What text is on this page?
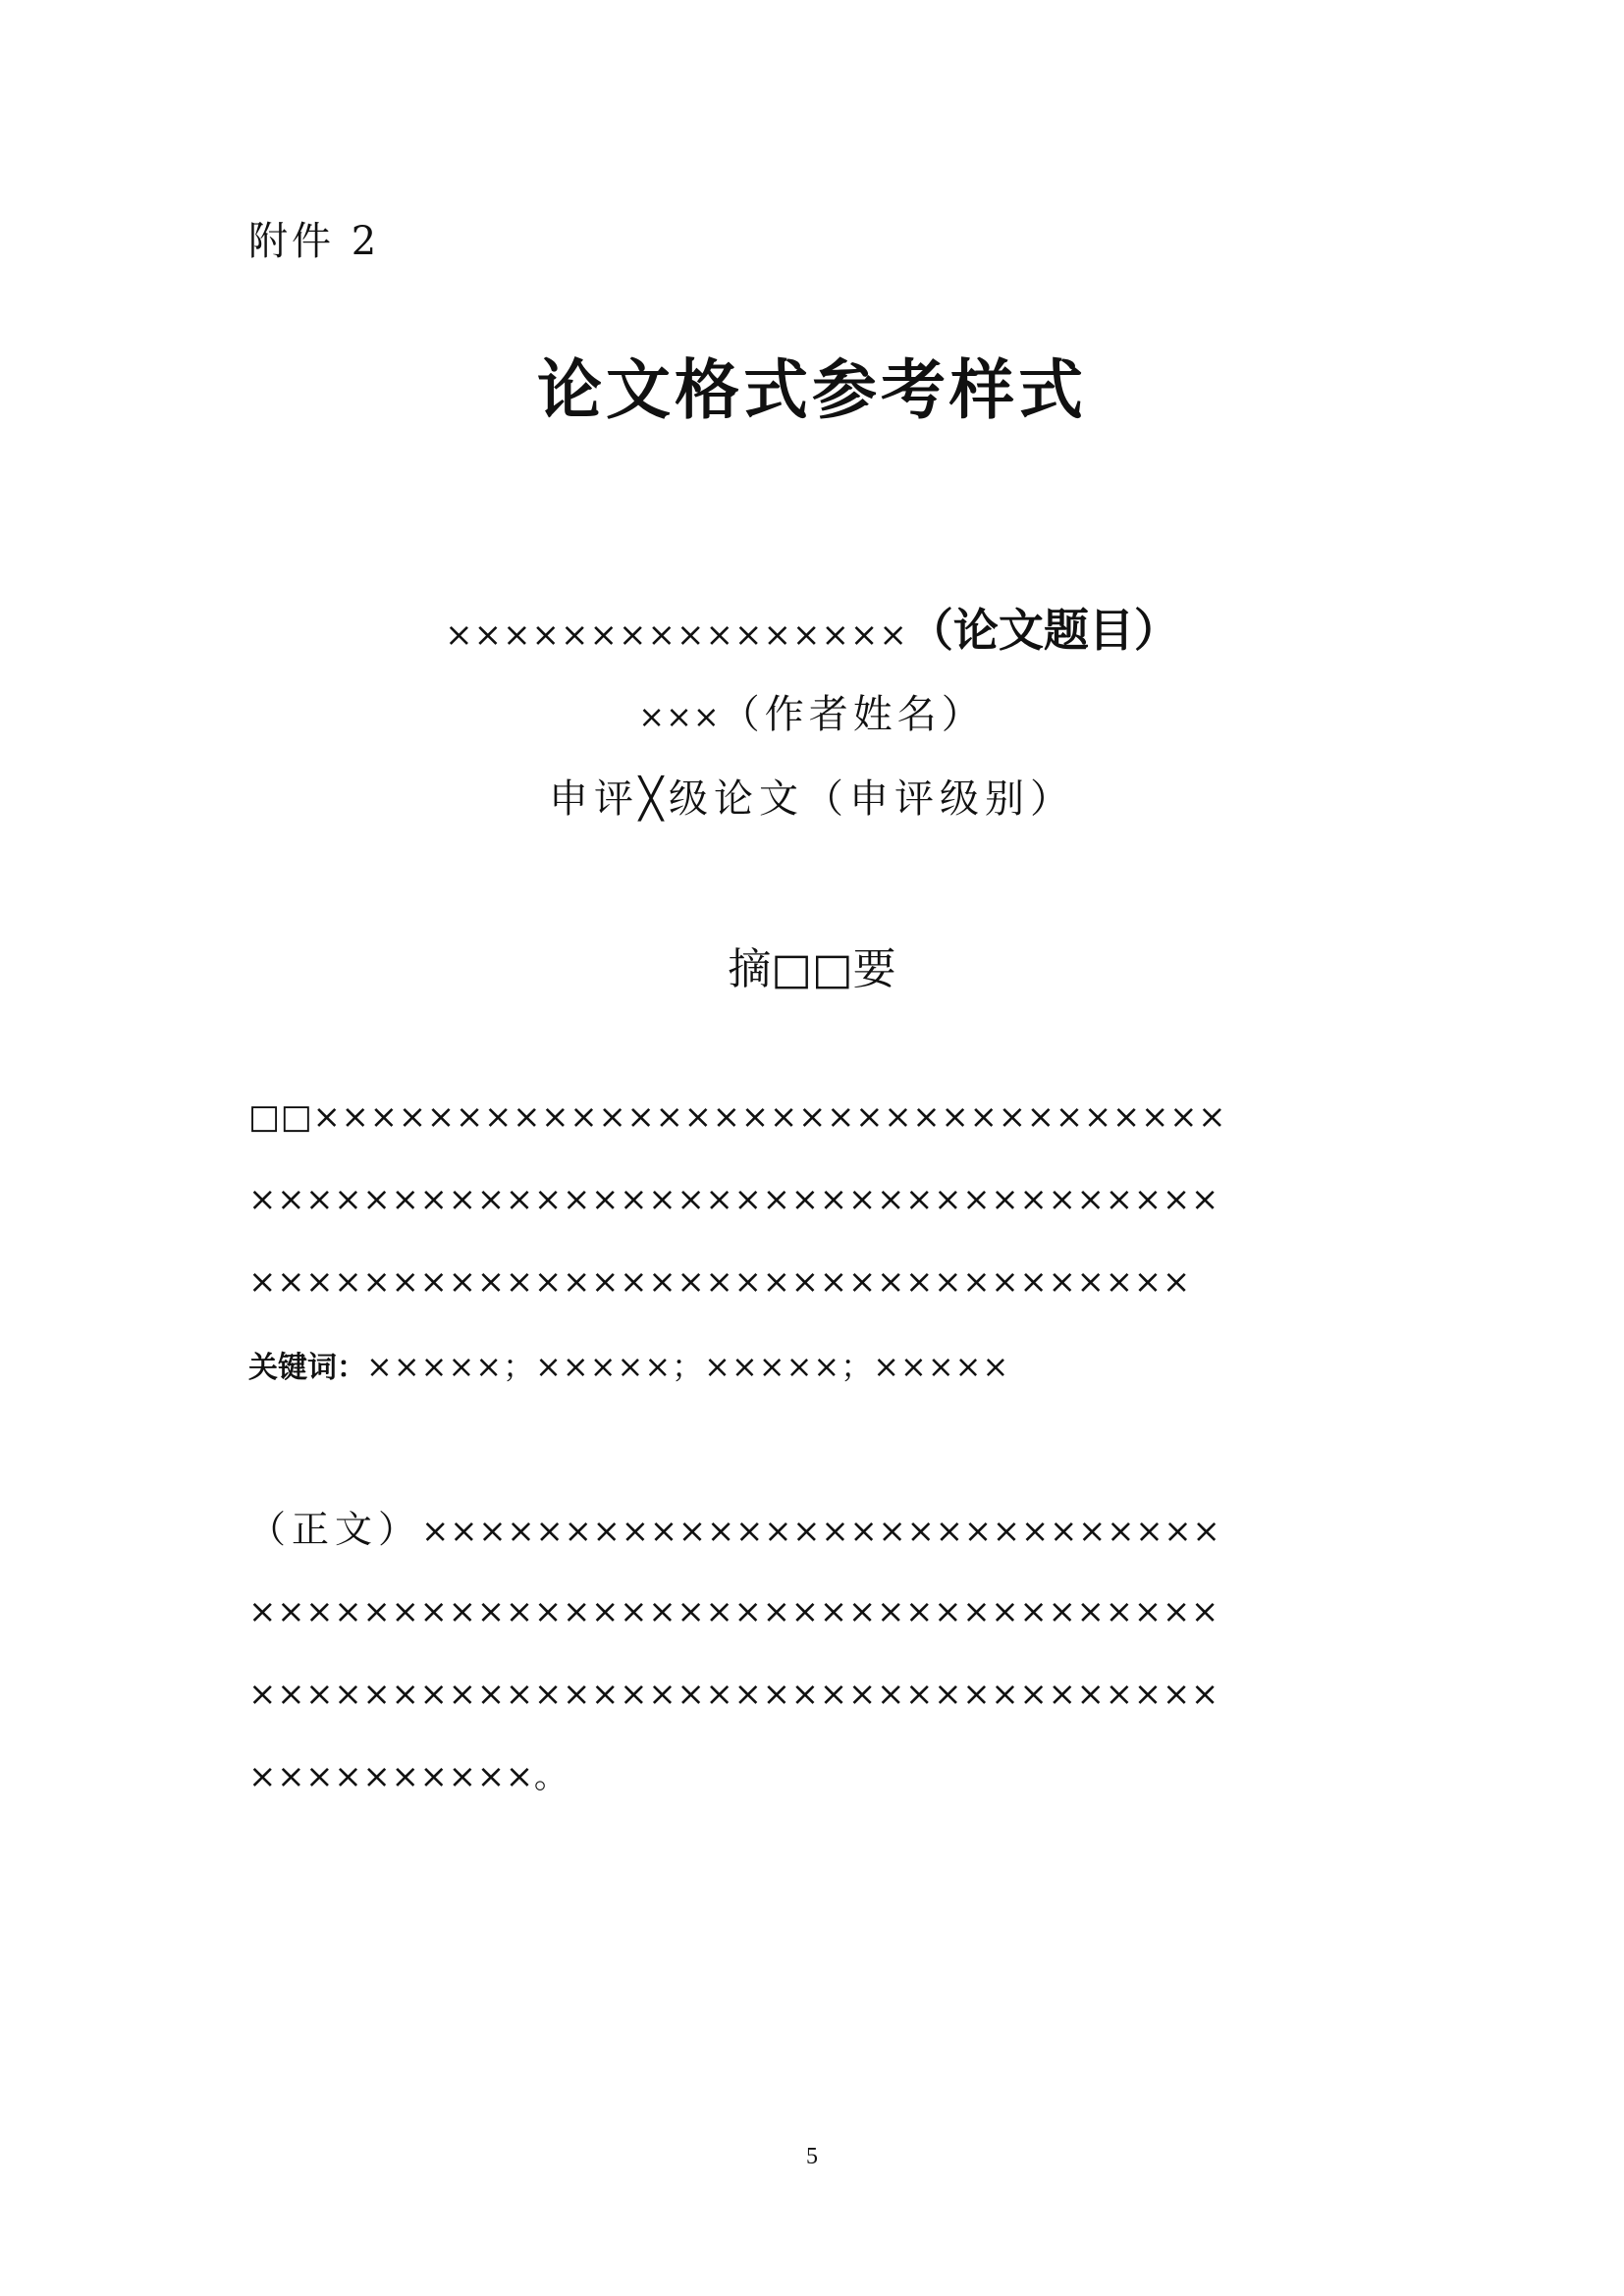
附件 2
论文格式参考样式
××××××××××××××××（论文题目）
×××（作者姓名）
申评╳级论文（申评级别）
摘□□要
□□××××××××××××××××××××××××××××××××
××××××××××××××××××××××××××××××××××
×××××××××××××××××××××××××××××××××
关键词：×××××；×××××；×××××；×××××
（正文）××××××××××××××××××××××××××××
××××××××××××××××××××××××××××××××××
××××××××××××××××××××××××××××××××××
××××××××××。
5
